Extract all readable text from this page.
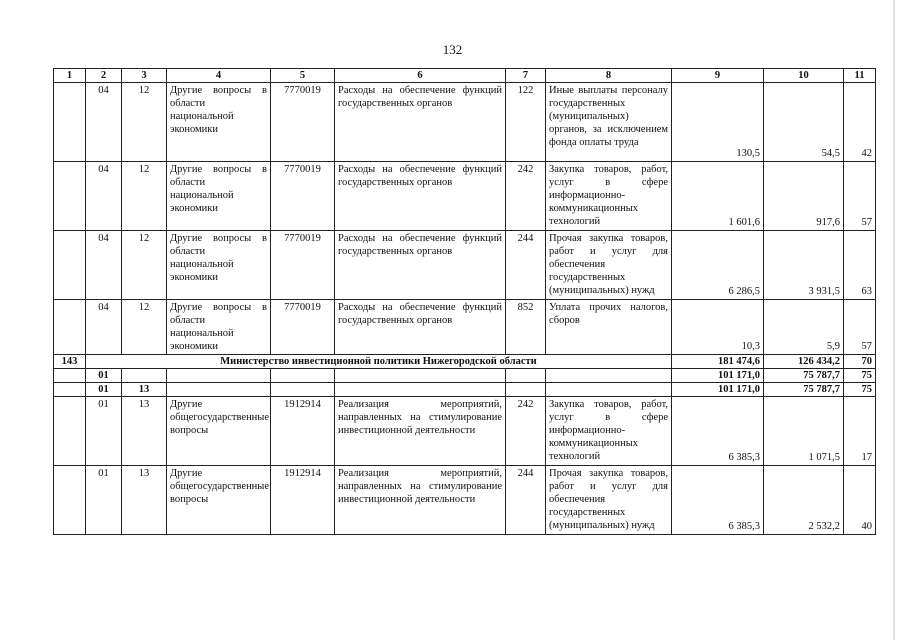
132
1	2	3	4	5	6	7	8	9	10	11
	04	12	Другие вопросы в области национальной экономики	7770019	Расходы на обеспечение функций государственных органов	122	Иные выплаты персоналу государственных (муниципальных) органов, за исключением фонда оплаты труда	130,5	54,5	42
	04	12	Другие вопросы в области национальной экономики	7770019	Расходы на обеспечение функций государственных органов	242	Закупка товаров, работ, услуг в сфере информационно-коммуникационных технологий	1 601,6	917,6	57
	04	12	Другие вопросы в области национальной экономики	7770019	Расходы на обеспечение функций государственных органов	244	Прочая закупка товаров, работ и услуг для обеспечения государственных (муниципальных) нужд	6 286,5	3 931,5	63
	04	12	Другие вопросы в области национальной экономики	7770019	Расходы на обеспечение функций государственных органов	852	Уплата прочих налогов, сборов	10,3	5,9	57
143	Министерство инвестиционной политики Нижегородской области							181 474,6	126 434,2	70
	01							101 171,0	75 787,7	75
	01	13						101 171,0	75 787,7	75
	01	13	Другие общегосударственные вопросы	1912914	Реализация мероприятий, направленных на стимулирование инвестиционной деятельности	242	Закупка товаров, работ, услуг в сфере информационно-коммуникационных технологий	6 385,3	1 071,5	17
	01	13	Другие общегосударственные вопросы	1912914	Реализация мероприятий, направленных на стимулирование инвестиционной деятельности	244	Прочая закупка товаров, работ и услуг для обеспечения государственных (муниципальных) нужд	6 385,3	2 532,2	40
